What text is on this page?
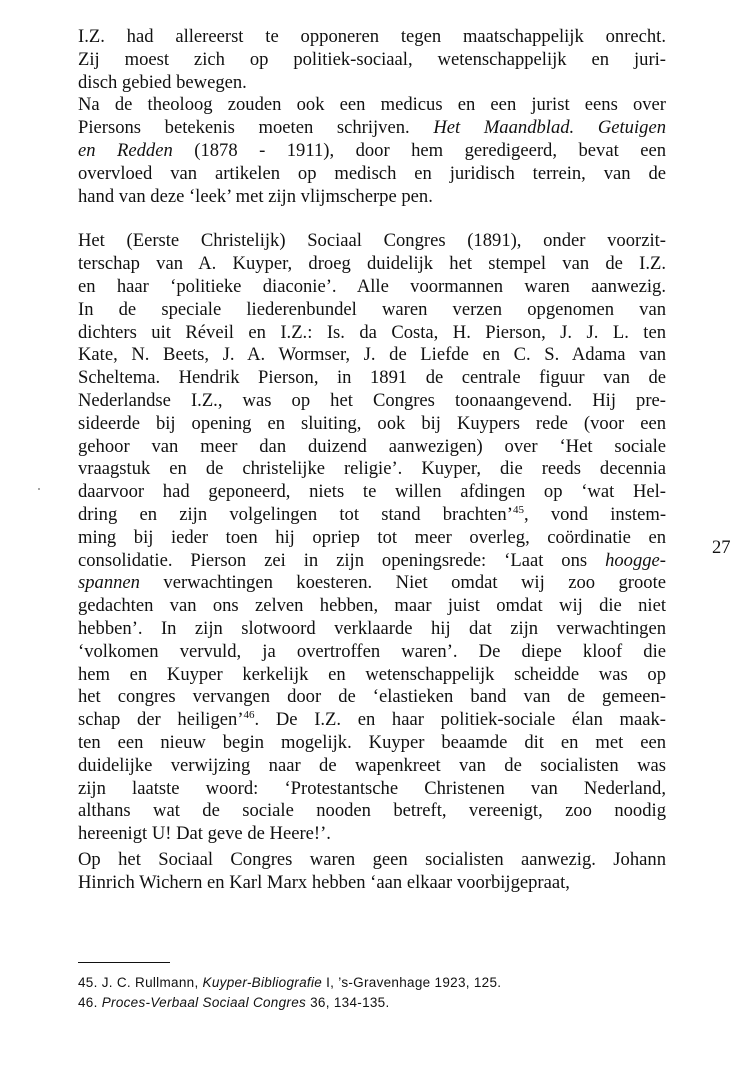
I.Z. had allereerst te opponeren tegen maatschappelijk onrecht.
Zij moest zich op politiek-sociaal, wetenschappelijk en juri-
disch gebied bewegen.
Na de theoloog zouden ook een medicus en een jurist eens over
Piersons betekenis moeten schrijven. Het Maandblad. Getuigen
en Redden (1878 - 1911), door hem geredigeerd, bevat een
overvloed van artikelen op medisch en juridisch terrein, van de
hand van deze ‘leek’ met zijn vlijmscherpe pen.
Het (Eerste Christelijk) Sociaal Congres (1891), onder voorzit-
terschap van A. Kuyper, droeg duidelijk het stempel van de I.Z.
en haar ‘politieke diaconie’. Alle voormannen waren aanwezig.
In de speciale liederenbundel waren verzen opgenomen van
dichters uit Réveil en I.Z.: Is. da Costa, H. Pierson, J. J. L. ten
Kate, N. Beets, J. A. Wormser, J. de Liefde en C. S. Adama van
Scheltema. Hendrik Pierson, in 1891 de centrale figuur van de
Nederlandse I.Z., was op het Congres toonaangevend. Hij pre-
sideerde bij opening en sluiting, ook bij Kuypers rede (voor een
gehoor van meer dan duizend aanwezigen) over ‘Het sociale
vraagstuk en de christelijke religie’. Kuyper, die reeds decennia
daarvoor had geponeerd, niets te willen afdingen op ‘wat Hel-
dring en zijn volgelingen tot stand brachten’$^{45}$, vond instem-
ming bij ieder toen hij opriep tot meer overleg, coördinatie en
consolidatie. Pierson zei in zijn openingsrede: ‘Laat ons hoogge-
spannen verwachtingen koesteren. Niet omdat wij zoo groote
gedachten van ons zelven hebben, maar juist omdat wij die niet
hebben’. In zijn slotwoord verklaarde hij dat zijn verwachtingen
‘volkomen vervuld, ja overtroffen waren’. De diepe kloof die
hem en Kuyper kerkelijk en wetenschappelijk scheidde was op
het congres vervangen door de ‘elastieken band van de gemeen-
schap der heiligen’$^{46}$. De I.Z. en haar politiek-sociale élan maak-
ten een nieuw begin mogelijk. Kuyper beaamde dit en met een
duidelijke verwijzing naar de wapenkreet van de socialisten was
zijn laatste woord: ‘Protestantsche Christenen van Nederland,
althans wat de sociale nooden betreft, vereenigt, zoo noodig
hereenigt U! Dat geve de Heere!’.
Op het Sociaal Congres waren geen socialisten aanwezig. Johann
Hinrich Wichern en Karl Marx hebben ‘aan elkaar voorbijgepraat,
27
45. J. C. Rullmann, Kuyper-Bibliografie I, ’s-Gravenhage 1923, 125.
46. Proces-Verbaal Sociaal Congres 36, 134-135.
